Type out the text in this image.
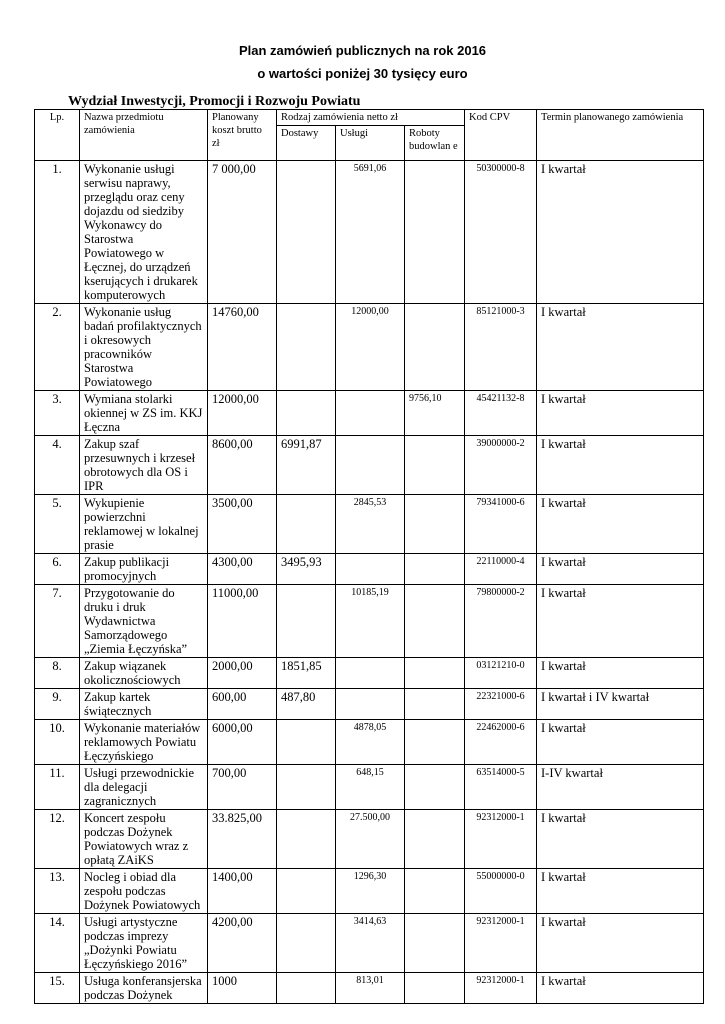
Plan zamówień publicznych na rok 2016
o wartości poniżej 30 tysięcy euro
Wydział Inwestycji, Promocji i Rozwoju Powiatu
Lp.	Nazwa przedmiotu zamówienia	Planowany koszt brutto zł	Rodzaj zamówienia netto zł			Kod CPV	Termin planowanego zamówienia
			Dostawy	Usługi	Roboty budowlan e		
1.	Wykonanie usługi serwisu naprawy, przeglądu oraz ceny dojazdu od siedziby Wykonawcy do Starostwa Powiatowego w Łęcznej, do urządzeń kserujących i drukarek komputerowych	7 000,00		5691,06		50300000-8	I kwartał
2.	Wykonanie usług badań profilaktycznych i okresowych pracowników Starostwa Powiatowego	14760,00		12000,00		85121000-3	I kwartał
3.	Wymiana stolarki okiennej w ZS im. KKJ Łęczna	12000,00			9756,10	45421132-8	I kwartał
4.	Zakup szaf przesuwnych i krzeseł obrotowych dla OS i IPR	8600,00	6991,87			39000000-2	I kwartał
5.	Wykupienie powierzchni reklamowej w lokalnej prasie	3500,00		2845,53		79341000-6	I kwartał
6.	Zakup publikacji promocyjnych	4300,00	3495,93			22110000-4	I kwartał
7.	Przygotowanie do druku i druk Wydawnictwa Samorządowego „Ziemia Łęczyńska”	11000,00		10185,19		79800000-2	I kwartał
8.	Zakup wiązanek okolicznościowych	2000,00	1851,85			03121210-0	I kwartał
9.	Zakup kartek świątecznych	600,00	487,80			22321000-6	I kwartał i IV kwartał
10.	Wykonanie materiałów reklamowych Powiatu Łęczyńskiego	6000,00		4878,05		22462000-6	I kwartał
11.	Usługi przewodnickie dla delegacji zagranicznych	700,00		648,15		63514000-5	I-IV kwartał
12.	Koncert zespołu podczas Dożynek Powiatowych wraz z opłatą ZAiKS	33.825,00		27.500,00		92312000-1	I kwartał
13.	Nocleg i obiad dla zespołu podczas Dożynek Powiatowych	1400,00		1296,30		55000000-0	I kwartał
14.	Usługi artystyczne podczas imprezy „Dożynki Powiatu Łęczyńskiego 2016”	4200,00		3414,63		92312000-1	I kwartał
15.	Usługa konferansjerska podczas Dożynek	1000		813,01		92312000-1	I kwartał
